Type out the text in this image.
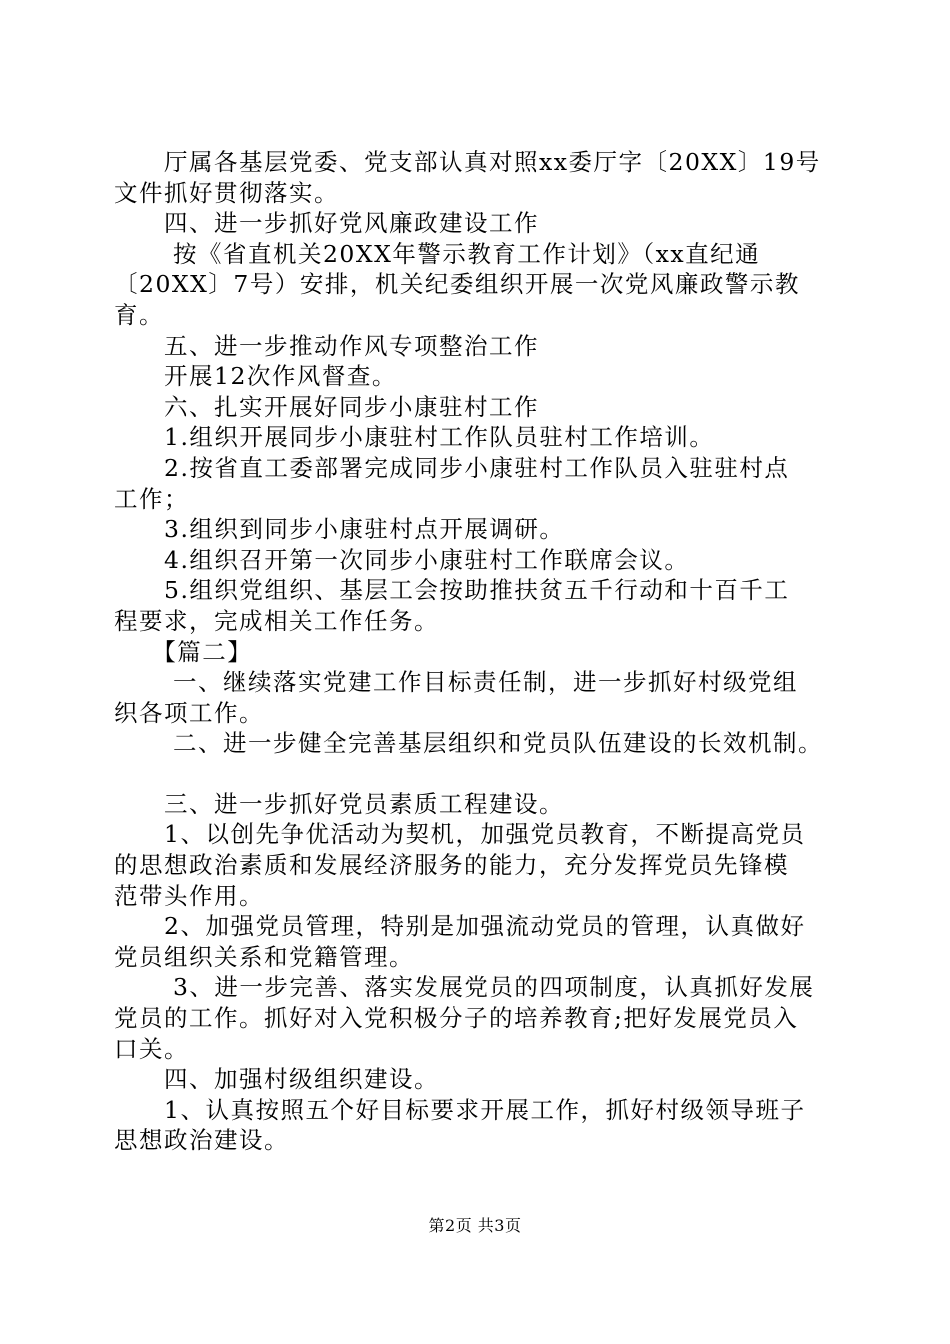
　　厅属各基层党委、党支部认真对照xx委厅字〔20XX〕19号

文件抓好贯彻落实。

　　四、进一步抓好党风廉政建设工作

　　 按《省直机关20XX年警示教育工作计划》（xx直纪通

〔20XX〕7号）安排，机关纪委组织开展一次党风廉政警示教

育。

　　五、进一步推动作风专项整治工作

　　开展12次作风督查。

　　六、扎实开展好同步小康驻村工作

　　1.组织开展同步小康驻村工作队员驻村工作培训。

　　2.按省直工委部署完成同步小康驻村工作队员入驻驻村点

工作；

　　3.组织到同步小康驻村点开展调研。

　　4.组织召开第一次同步小康驻村工作联席会议。

　　5.组织党组织、基层工会按助推扶贫五千行动和十百千工

程要求，完成相关工作任务。

　　【篇二】

　　 一、继续落实党建工作目标责任制，进一步抓好村级党组

织各项工作。

　　 二、进一步健全完善基层组织和党员队伍建设的长效机制。

　　三、进一步抓好党员素质工程建设。

　　1、以创先争优活动为契机，加强党员教育，不断提高党员

的思想政治素质和发展经济服务的能力，充分发挥党员先锋模

范带头作用。

　　2、加强党员管理，特别是加强流动党员的管理，认真做好

党员组织关系和党籍管理。

　　 3、进一步完善、落实发展党员的四项制度，认真抓好发展

党员的工作。抓好对入党积极分子的培养教育;把好发展党员入

口关。

　　四、加强村级组织建设。

　　1、认真按照五个好目标要求开展工作，抓好村级领导班子

思想政治建设。

第2页 共3页
